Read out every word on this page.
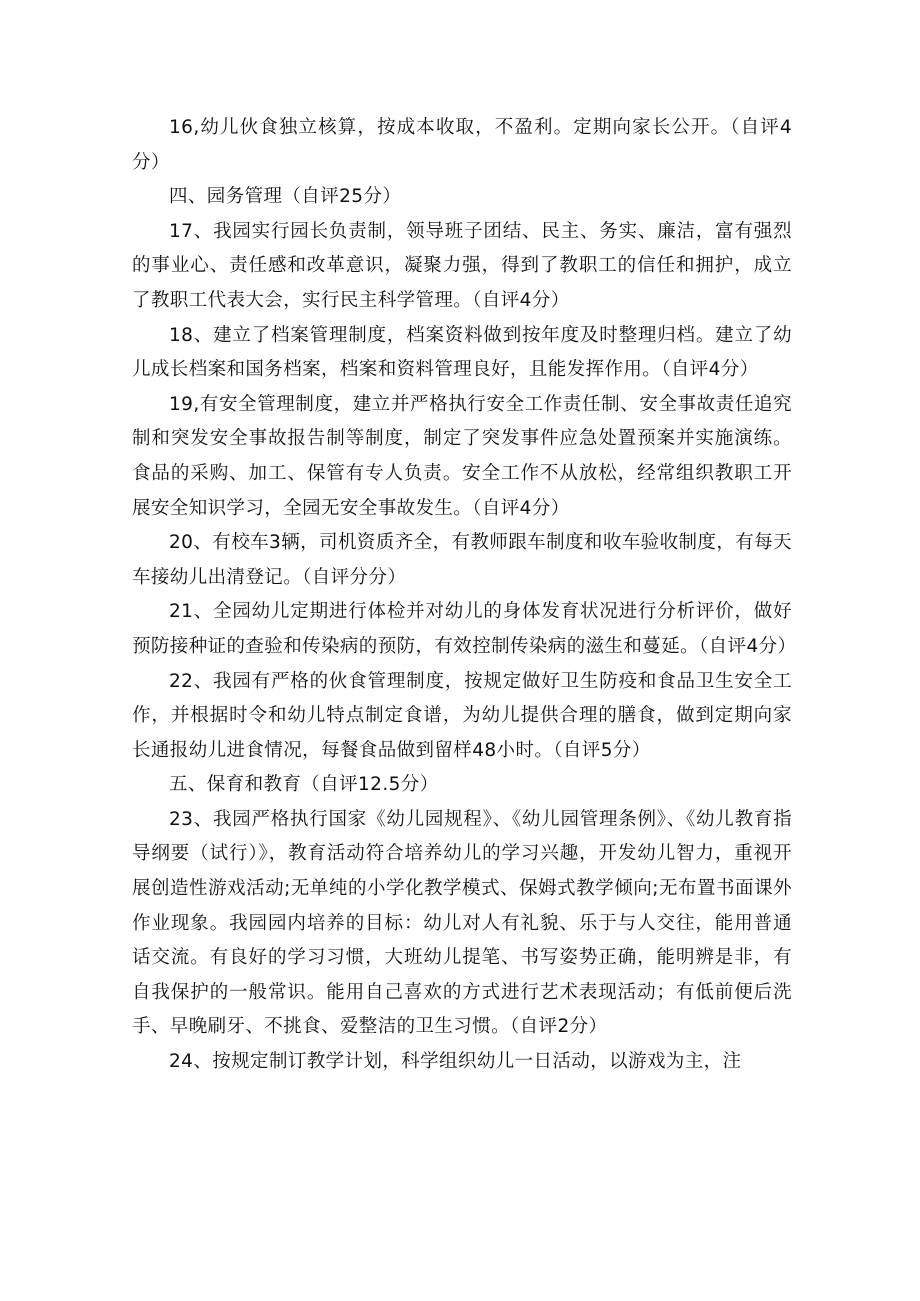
16,幼儿伙食独立核算，按成本收取，不盈利。定期向家长公开。（自评4分）

四、园务管理（自评25分）

17、我园实行园长负责制，领导班子团结、民主、务实、廉洁，富有强烈的事业心、责任感和改革意识，凝聚力强，得到了教职工的信任和拥护，成立了教职工代表大会，实行民主科学管理。（自评4分）

18、建立了档案管理制度，档案资料做到按年度及时整理归档。建立了幼儿成长档案和国务档案，档案和资料管理良好，且能发挥作用。（自评4分）

19,有安全管理制度，建立并严格执行安全工作责任制、安全事故责任追究制和突发安全事故报告制等制度，制定了突发事件应急处置预案并实施演练。食品的采购、加工、保管有专人负责。安全工作不从放松，经常组织教职工开展安全知识学习，全园无安全事故发生。（自评4分）

20、有校车3辆，司机资质齐全，有教师跟车制度和收车验收制度，有每天车接幼儿出清登记。（自评分分）

21、全园幼儿定期进行体检并对幼儿的身体发育状况进行分析评价，做好预防接种证的查验和传染病的预防，有效控制传染病的滋生和蔓延。（自评4分）

22、我园有严格的伙食管理制度，按规定做好卫生防疫和食品卫生安全工作，并根据时令和幼儿特点制定食谱，为幼儿提供合理的膳食，做到定期向家长通报幼儿进食情况，每餐食品做到留样48小时。（自评5分）

五、保育和教育（自评12.5分）

23、我园严格执行国家《幼儿园规程》、《幼儿园管理条例》、《幼儿教育指导纲要（试行）》，教育活动符合培养幼儿的学习兴趣，开发幼儿智力，重视开展创造性游戏活动;无单纯的小学化教学模式、保姆式教学倾向;无布置书面课外作业现象。我园园内培养的目标：幼儿对人有礼貌、乐于与人交往，能用普通话交流。有良好的学习习惯，大班幼儿提笔、书写姿势正确，能明辨是非，有自我保护的一般常识。能用自己喜欢的方式进行艺术表现活动；有低前便后洗手、早晚刷牙、不挑食、爱整洁的卫生习惯。（自评2分）

24、按规定制订教学计划，科学组织幼儿一日活动，以游戏为主，注
